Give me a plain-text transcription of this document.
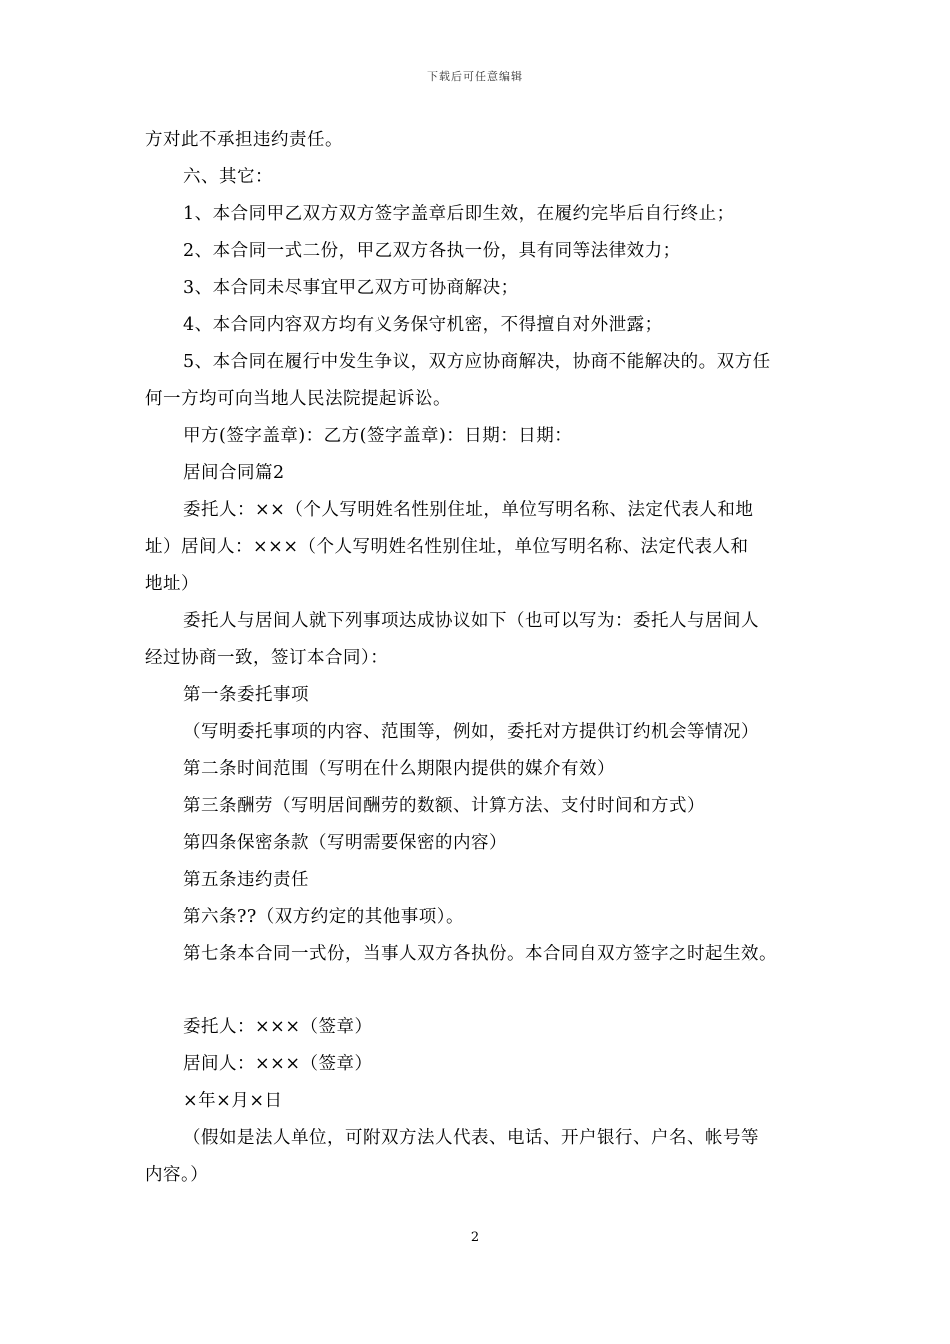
下载后可任意编辑

方对此不承担违约责任。

六、其它：

1、本合同甲乙双方双方签字盖章后即生效，在履约完毕后自行终止；

2、本合同一式二份，甲乙双方各执一份，具有同等法律效力；

3、本合同未尽事宜甲乙双方可协商解决；

4、本合同内容双方均有义务保守机密，不得擅自对外泄露；

5、本合同在履行中发生争议，双方应协商解决，协商不能解决的。双方任

何一方均可向当地人民法院提起诉讼。

甲方(签字盖章)：乙方(签字盖章)：日期：日期：

居间合同篇2

委托人：××（个人写明姓名性别住址，单位写明名称、法定代表人和地

址）居间人：×××（个人写明姓名性别住址，单位写明名称、法定代表人和

地址）

委托人与居间人就下列事项达成协议如下（也可以写为：委托人与居间人

经过协商一致，签订本合同）：

第一条委托事项

（写明委托事项的内容、范围等，例如，委托对方提供订约机会等情况）

第二条时间范围（写明在什么期限内提供的媒介有效）

第三条酬劳（写明居间酬劳的数额、计算方法、支付时间和方式）

第四条保密条款（写明需要保密的内容）

第五条违约责任

第六条??（双方约定的其他事项）。

第七条本合同一式份，当事人双方各执份。本合同自双方签字之时起生效。

委托人：×××（签章）

居间人：×××（签章）

×年×月×日

（假如是法人单位，可附双方法人代表、电话、开户银行、户名、帐号等

内容。）

2
